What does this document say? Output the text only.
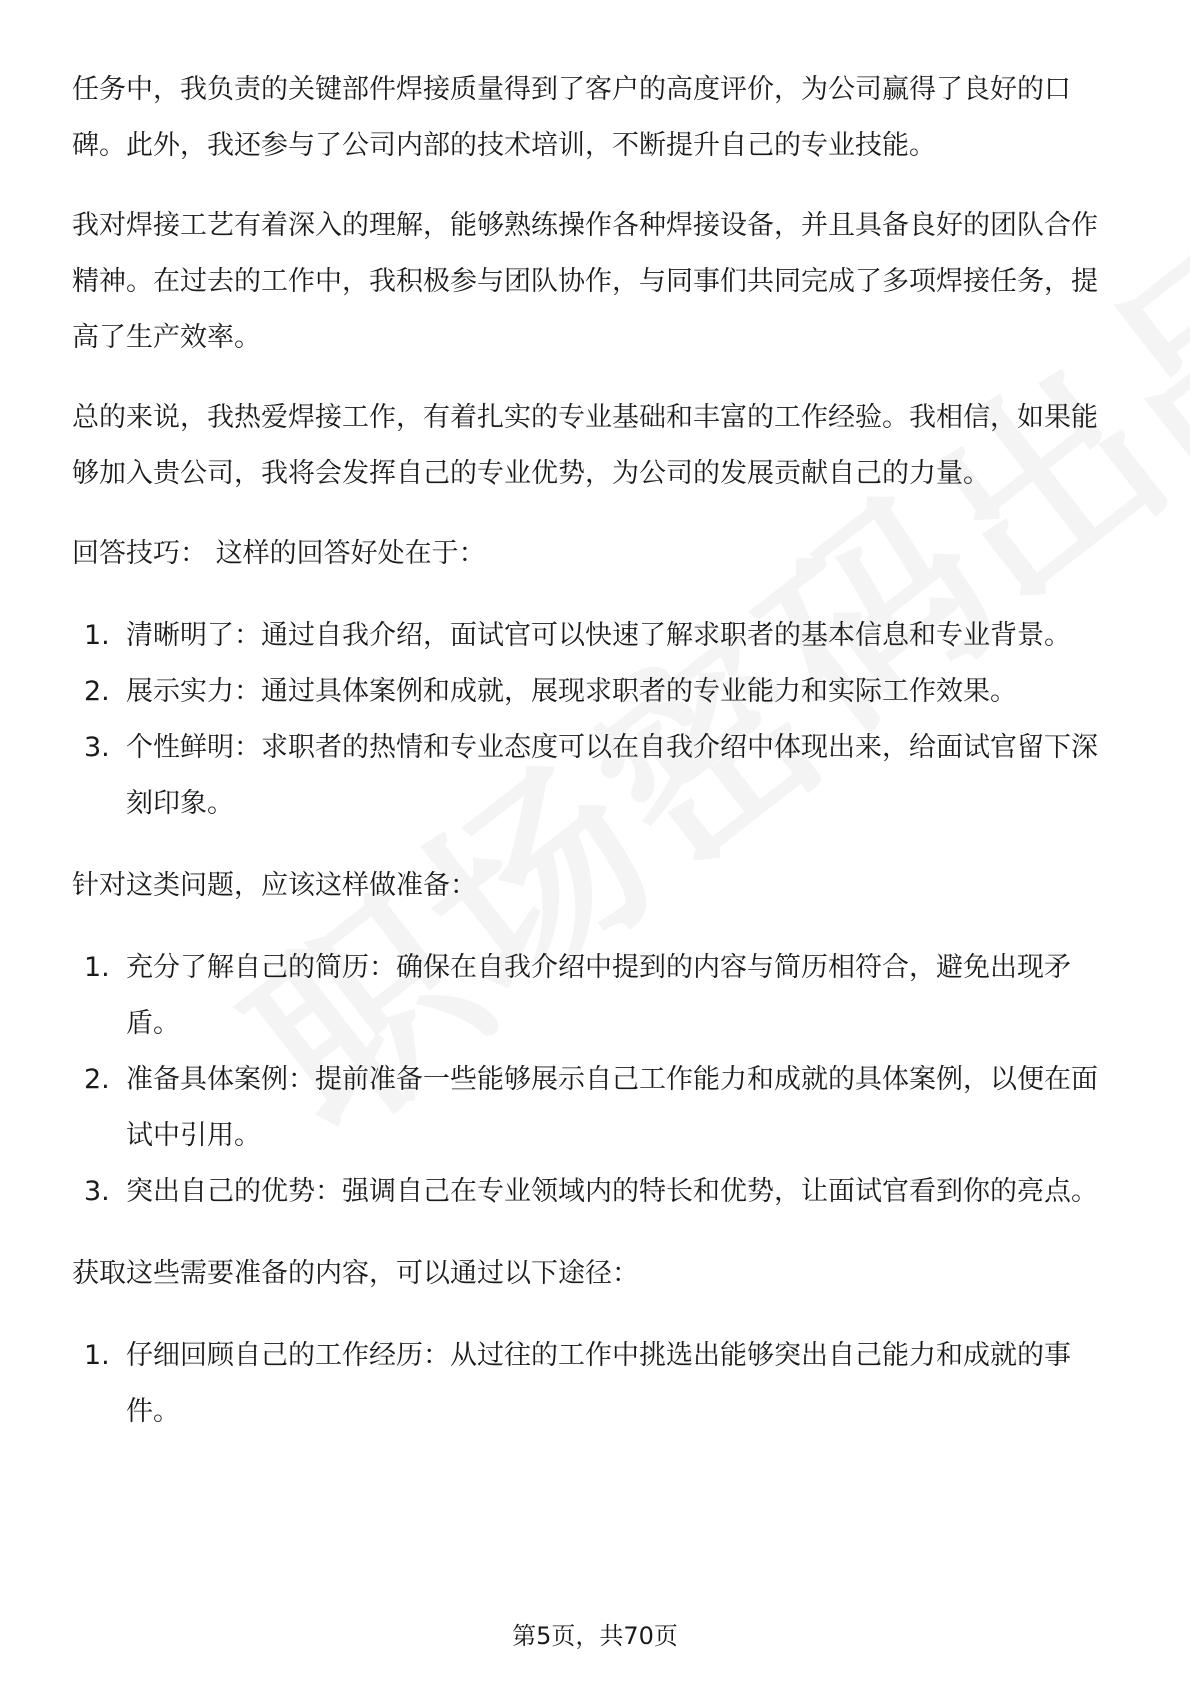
任务中，我负责的关键部件焊接质量得到了客户的高度评价，为公司赢得了良好的口碑。此外，我还参与了公司内部的技术培训，不断提升自己的专业技能。

我对焊接工艺有着深入的理解，能够熟练操作各种焊接设备，并且具备良好的团队合作精神。在过去的工作中，我积极参与团队协作，与同事们共同完成了多项焊接任务，提高了生产效率。

总的来说，我热爱焊接工作，有着扎实的专业基础和丰富的工作经验。我相信，如果能够加入贵公司，我将会发挥自己的专业优势，为公司的发展贡献自己的力量。

回答技巧： 这样的回答好处在于：

1. 清晰明了：通过自我介绍，面试官可以快速了解求职者的基本信息和专业背景。
2. 展示实力：通过具体案例和成就，展现求职者的专业能力和实际工作效果。
3. 个性鲜明：求职者的热情和专业态度可以在自我介绍中体现出来，给面试官留下深刻印象。

针对这类问题，应该这样做准备：

1. 充分了解自己的简历：确保在自我介绍中提到的内容与简历相符合，避免出现矛盾。
2. 准备具体案例：提前准备一些能够展示自己工作能力和成就的具体案例，以便在面试中引用。
3. 突出自己的优势：强调自己在专业领域内的特长和优势，让面试官看到你的亮点。

获取这些需要准备的内容，可以通过以下途径：

1. 仔细回顾自己的工作经历：从过往的工作中挑选出能够突出自己能力和成就的事件。
第5页，共70页
